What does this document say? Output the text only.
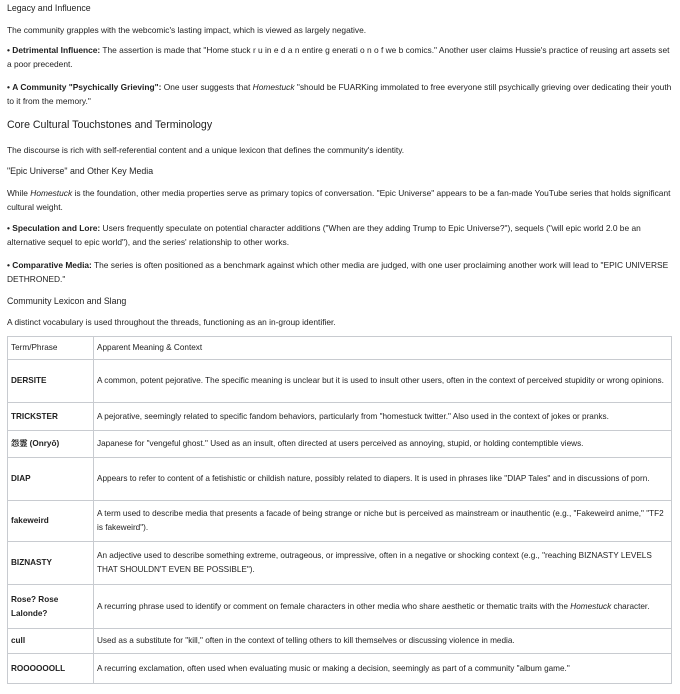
Legacy and Influence

The community grapples with the webcomic's lasting impact, which is viewed as largely negative.

• Detrimental Influence: The assertion is made that "Home stuck r u in e d a n entire g enerati o n o f we b comics." Another user claims Hussie's practice of reusing art assets set a poor precedent.

• A Community "Psychically Grieving": One user suggests that Homestuck "should be FUARKing immolated to free everyone still psychically grieving over dedicating their youth to it from the memory."

Core Cultural Touchstones and Terminology

The discourse is rich with self-referential content and a unique lexicon that defines the community's identity.

"Epic Universe" and Other Key Media

While Homestuck is the foundation, other media properties serve as primary topics of conversation. "Epic Universe" appears to be a fan-made YouTube series that holds significant cultural weight.

• Speculation and Lore: Users frequently speculate on potential character additions ("When are they adding Trump to Epic Universe?"), sequels ("will epic world 2.0 be an alternative sequel to epic world"), and the series' relationship to other works.

• Comparative Media: The series is often positioned as a benchmark against which other media are judged, with one user proclaiming another work will lead to "EPIC UNIVERSE DETHRONED."

Community Lexicon and Slang

A distinct vocabulary is used throughout the threads, functioning as an in-group identifier.

Term/Phrase	Apparent Meaning & Context
DERSITE	A common, potent pejorative. The specific meaning is unclear but it is used to insult other users, often in the context of perceived stupidity or wrong opinions.
TRICKSTER	A pejorative, seemingly related to specific fandom behaviors, particularly from "homestuck twitter." Also used in the context of jokes or pranks.
怨霊 (Onryō)	Japanese for "vengeful ghost." Used as an insult, often directed at users perceived as annoying, stupid, or holding contemptible views.
DIAP	Appears to refer to content of a fetishistic or childish nature, possibly related to diapers. It is used in phrases like "DIAP Tales" and in discussions of porn.
fakeweird	A term used to describe media that presents a facade of being strange or niche but is perceived as mainstream or inauthentic (e.g., "Fakeweird anime," "TF2 is fakeweird").
BIZNASTY	An adjective used to describe something extreme, outrageous, or impressive, often in a negative or shocking context (e.g., "reaching BIZNASTY LEVELS THAT SHOULDN'T EVEN BE POSSIBLE").
Rose? Rose Lalonde?	A recurring phrase used to identify or comment on female characters in other media who share aesthetic or thematic traits with the Homestuck character.
cull	Used as a substitute for "kill," often in the context of telling others to kill themselves or discussing violence in media.
ROOOOOOLL	A recurring exclamation, often used when evaluating music or making a decision, seemingly as part of a community "album game."
